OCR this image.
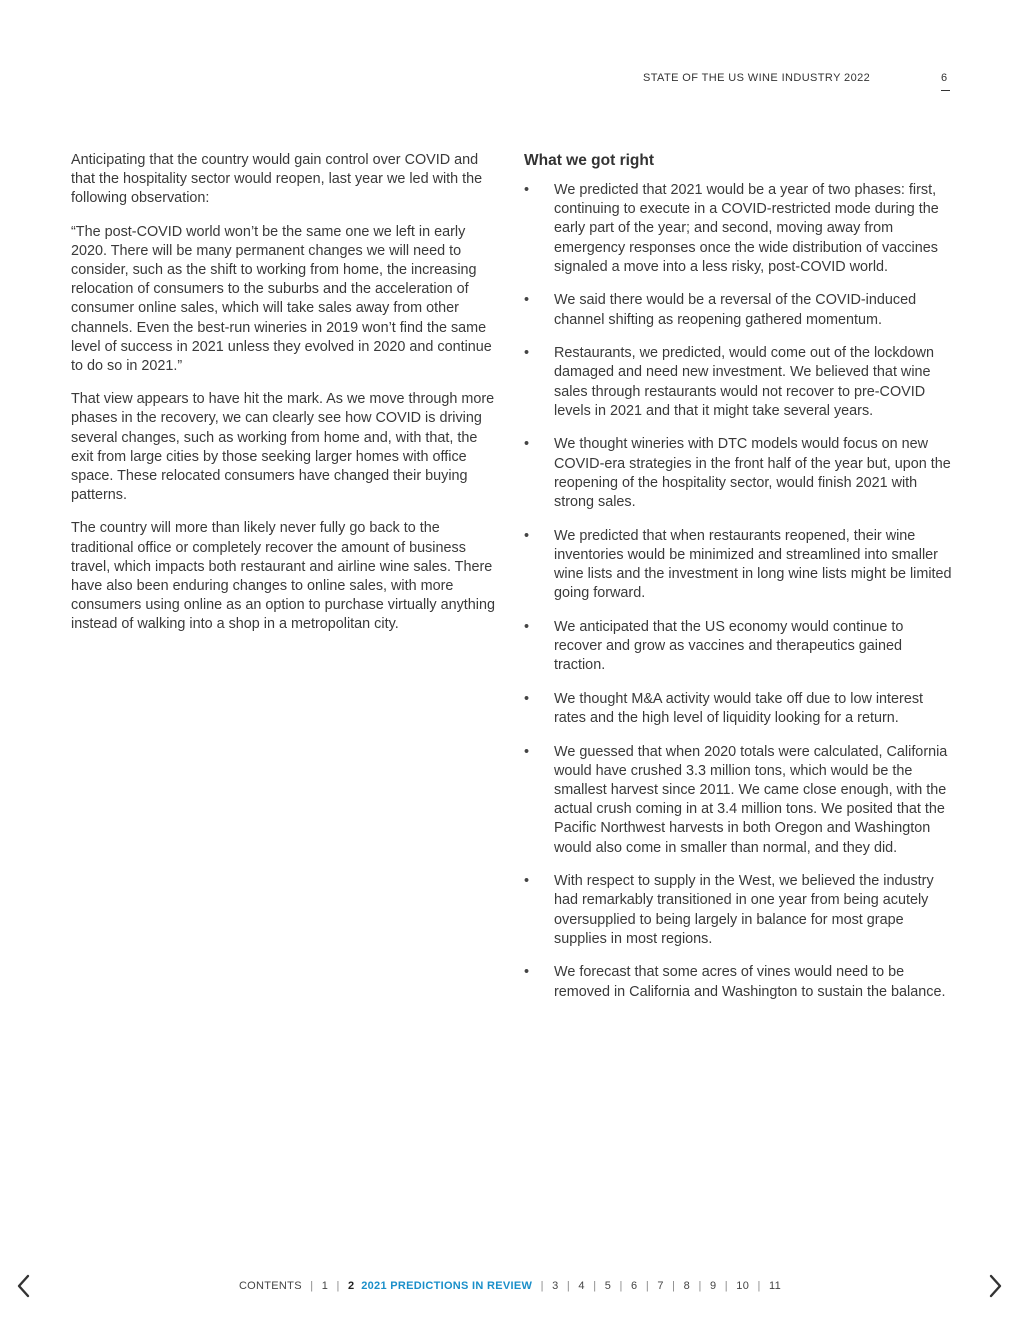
STATE OF THE US WINE INDUSTRY 2022	6

Anticipating that the country would gain control over COVID and that the hospitality sector would reopen, last year we led with the following observation:

“The post-COVID world won’t be the same one we left in early 2020. There will be many permanent changes we will need to consider, such as the shift to working from home, the increasing relocation of consumers to the suburbs and the acceleration of consumer online sales, which will take sales away from other channels. Even the best-run wineries in 2019 won’t find the same level of success in 2021 unless they evolved in 2020 and continue to do so in 2021.”

That view appears to have hit the mark. As we move through more phases in the recovery, we can clearly see how COVID is driving several changes, such as working from home and, with that, the exit from large cities by those seeking larger homes with office space. These relocated consumers have changed their buying patterns.

The country will more than likely never fully go back to the traditional office or completely recover the amount of business travel, which impacts both restaurant and airline wine sales. There have also been enduring changes to online sales, with more consumers using online as an option to purchase virtually anything instead of walking into a shop in a metropolitan city.

What we got right
•	We predicted that 2021 would be a year of two phases: first, continuing to execute in a COVID-restricted mode during the early part of the year; and second, moving away from emergency responses once the wide distribution of vaccines signaled a move into a less risky, post-COVID world.
•	We said there would be a reversal of the COVID-induced channel shifting as reopening gathered momentum.
•	Restaurants, we predicted, would come out of the lockdown damaged and need new investment. We believed that wine sales through restaurants would not recover to pre-COVID levels in 2021 and that it might take several years.
•	We thought wineries with DTC models would focus on new COVID-era strategies in the front half of the year but, upon the reopening of the hospitality sector, would finish 2021 with strong sales.
•	We predicted that when restaurants reopened, their wine inventories would be minimized and streamlined into smaller wine lists and the investment in long wine lists might be limited going forward.
•	We anticipated that the US economy would continue to recover and grow as vaccines and therapeutics gained traction.
•	We thought M&A activity would take off due to low interest rates and the high level of liquidity looking for a return.
•	We guessed that when 2020 totals were calculated, California would have crushed 3.3 million tons, which would be the smallest harvest since 2011. We came close enough, with the actual crush coming in at 3.4 million tons. We posited that the Pacific Northwest harvests in both Oregon and Washington would also come in smaller than normal, and they did.
•	With respect to supply in the West, we believed the industry had remarkably transitioned in one year from being acutely oversupplied to being largely in balance for most grape supplies in most regions.
•	We forecast that some acres of vines would need to be removed in California and Washington to sustain the balance.
CONTENTS | 1 | 2 2021 PREDICTIONS IN REVIEW | 3 | 4 | 5 | 6 | 7 | 8 | 9 | 10 | 11
